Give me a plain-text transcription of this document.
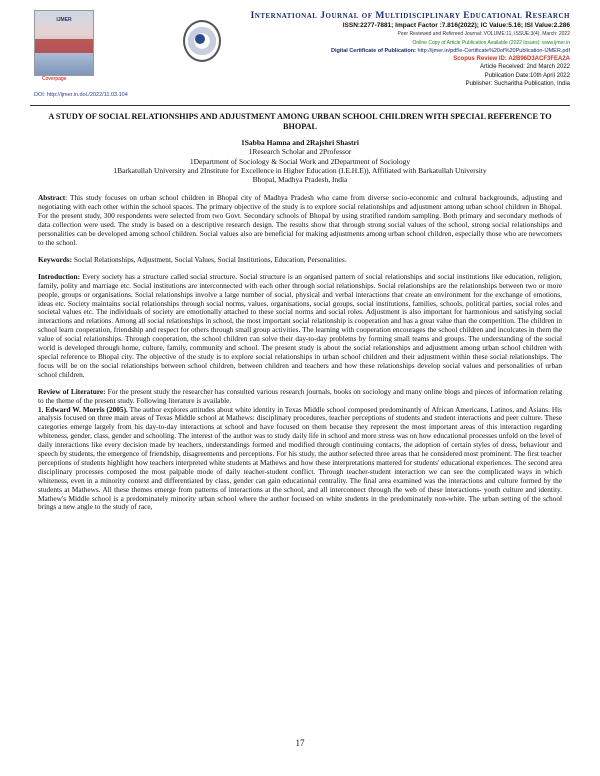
IJMER
Coverpage
DOI: http://ijmer.in.doi./2022/11.03.104
International Journal of Multidisciplinary Educational Research
ISSN:2277-7881; Impact Factor :7.816(2022); IC Value:5.16; ISI Value:2.286
Peer Reviewed and Refereed Journal: VOLUME:11, ISSUE:3(4), March: 2022
Online Copy of Article Publication Available (2022 Issues): www.ijmer.in
Digital Certificate of Publication: http://ijmer.in/pdf/e-Certificate%20of%20Publication-IJMER.pdf
Scopus Review ID: A2B96D3ACF3FEA2A
Article Received: 2nd March 2022
Publication Date:10th April 2022
Publisher: Sucharitha Publication, India
A STUDY OF SOCIAL RELATIONSHIPS AND ADJUSTMENT AMONG URBAN SCHOOL CHILDREN WITH SPECIAL REFERENCE TO BHOPAL
1Sabba Hamna and 2Rajshri Shastri
1Research Scholar and 2Professor
1Department of Sociology & Social Work and 2Department of Sociology
1Barkatullah University and 2Institute for Excellence in Higher Education (I.E.H.E)), Affiliated with Barkatullah University
Bhopal, Madhya Pradesh, India

Abstract: This study focuses on urban school children in Bhopal city of Madhya Pradesh who came from diverse socio-economic and cultural backgrounds, adjusting and negotiating with each other within the school spaces. The primary objective of the study is to explore social relationships and adjustment among urban school children in Bhopal. For the present study, 300 respondents were selected from two Govt. Secondary schools of Bhopal by using stratified random sampling. Both primary and secondary methods of data collection were used. The study is based on a descriptive research design. The results show that through strong social values of the school, strong social relationships and personalities can be developed among school children. Social values also are beneficial for making adjustments among urban school children, especially those who are newcomers to the school.

Keywords: Social Relationships, Adjustment, Social Values, Social Institutions, Education, Personalities.

Introduction: Every society has a structure called social structure. Social structure is an organised pattern of social relationships and social institutions like education, religion, family, polity and marriage etc. Social institutions are interconnected with each other through social relationships. Social relationships are the relationships between two or more people, groups or organisations. Social relationships involve a large number of social, physical and verbal interactions that create an environment for the exchange of emotions, ideas etc. Society maintains social relationships through social norms, values, organisations, social groups, social institutions, families, schools, political parties, social roles and societal values etc. The individuals of society are emotionally attached to these social norms and social roles. Adjustment is also important for harmonious and satisfying social interactions and relations. Among all social relationships in school, the most important social relationship is cooperation and has a great value than the competition. The children in school learn cooperation, friendship and respect for others through small group activities. The learning with cooperation encourages the school children and inculcates in them the value of social relationships. Through cooperation, the school children can solve their day-to-day problems by forming small teams and groups. The understanding of the social world is developed through home, culture, family, community and school. The present study is about the social relationships and adjustment among urban school children with special reference to Bhopal city. The objective of the study is to explore social relationships in urban school children and their adjustment within these social relationships. The focus will be on the social relationships between school children, between children and teachers and how these relationships develop social values and personalities of urban school children.

Review of Literature: For the present study the researcher has consulted various research journals, books on sociology and many online blogs and pieces of information relating to the theme of the present study. Following literature is available.

1. Edward W. Morris (2005). The author explores attitudes about white identity in Texas Middle school composed predominantly of African Americans, Latinos, and Asians. His analysis focused on three main areas of Texas Middle school at Mathews: disciplinary procedures, teacher perceptions of students and student interactions and peer culture. These categories emerge largely from his day-to-day interactions at school and have focused on them because they represent the most important areas of this interaction regarding whiteness, gender, class, gender and schooling. The interest of the author was to study daily life in school and more stress was on how educational processes unfold on the level of daily interactions like every decision made by teachers, understandings formed and modified through continuing contacts, the adoption of certain styles of dress, behaviour and speech by students, the emergence of friendship, disagreements and perceptions. For his study, the author selected three areas that he considered most prominent. The first teacher perceptions of students highlight how teachers interpreted white students at Mathews and how these interpretations mattered for students' educational experiences. The second area disciplinary processes composed the most palpable mode of daily teacher-student conflict. Through teacher-student interaction we can see the complicated ways in which whiteness, even in a minority context and differentiated by class, gender can gain educational centrality. The final area examined was the interactions and culture formed by the students at Mathews. All these themes emerge from patterns of interactions at the school, and all interconnect through the web of these interactions- youth culture and identity. Mathew's Middle school is a predominately minority urban school where the author focused on white students in the predominately non-white. The urban setting of the school brings a new angle to the study of race,

17
